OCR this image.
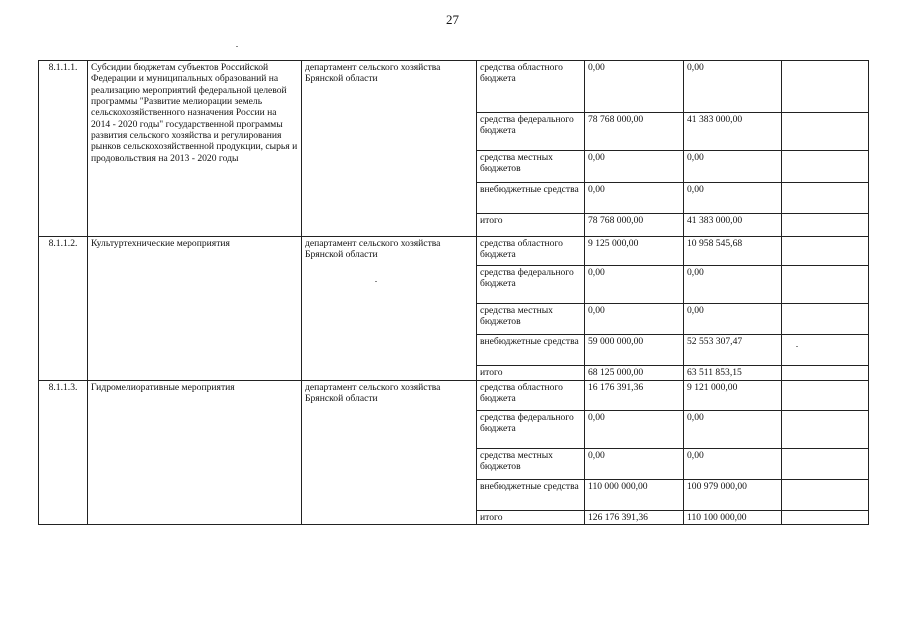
27
8.1.1.1.	Субсидии бюджетам субъектов Российской Федерации и муниципальных образований на реализацию мероприятий федеральной целевой программы "Развитие мелиорации земель сельскохозяйственного назначения России на 2014 - 2020 годы" государственной программы развития сельского хозяйства и регулирования рынков сельскохозяйственной продукции, сырья и продовольствия на 2013 - 2020 годы	департамент сельского хозяйства Брянской области	средства областного бюджета	0,00	0,00	
			средства федерального бюджета	78 768 000,00	41 383 000,00	
			средства местных бюджетов	0,00	0,00	
			внебюджетные средства	0,00	0,00	
			итого	78 768 000,00	41 383 000,00	
8.1.1.2.	Культуртехнические мероприятия	департамент сельского хозяйства Брянской области	средства областного бюджета	9 125 000,00	10 958 545,68	
			средства федерального бюджета	0,00	0,00	
			средства местных бюджетов	0,00	0,00	
			внебюджетные средства	59 000 000,00	52 553 307,47	
			итого	68 125 000,00	63 511 853,15	
8.1.1.3.	Гидромелиоративные мероприятия	департамент сельского хозяйства Брянской области	средства областного бюджета	16 176 391,36	9 121 000,00	
			средства федерального бюджета	0,00	0,00	
			средства местных бюджетов	0,00	0,00	
			внебюджетные средства	110 000 000,00	100 979 000,00	
			итого	126 176 391,36	110 100 000,00	
